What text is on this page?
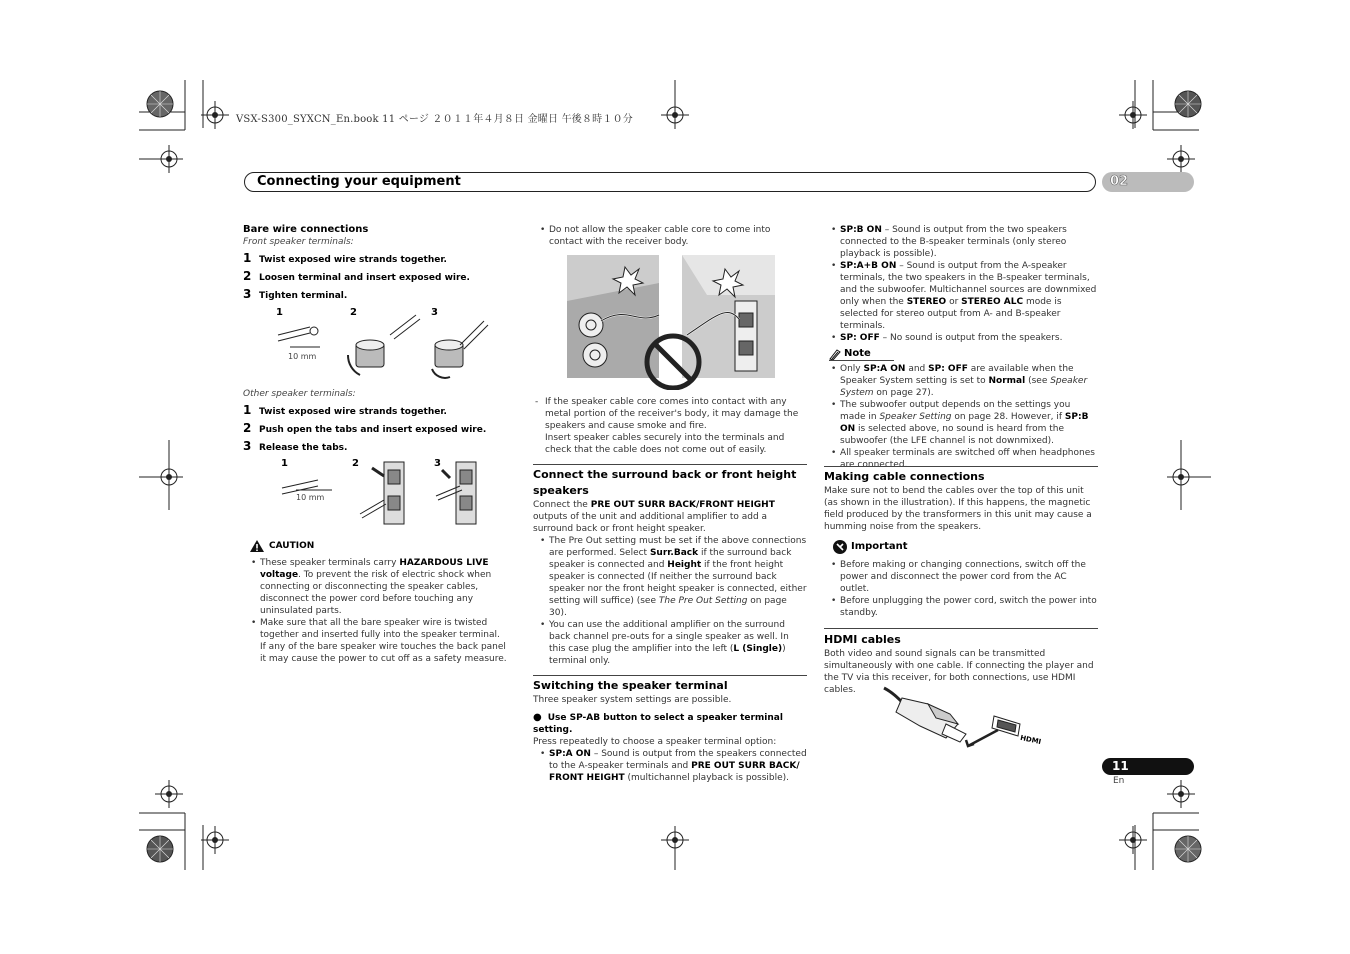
VSX-S300_SYXCN_En.book 11 ページ ２０１１年４月８日 金曜日 午後８時１０分
Connecting your equipment	02
Bare wire connections
Front speaker terminals:
1 Twist exposed wire strands together.
2 Loosen terminal and insert exposed wire.
3 Tighten terminal.
1	2	3
10 mm
Other speaker terminals:
1 Twist exposed wire strands together.
2 Push open the tabs and insert exposed wire.
3 Release the tabs.
1	2	3
10 mm
CAUTION
• These speaker terminals carry HAZARDOUS LIVE voltage. To prevent the risk of electric shock when connecting or disconnecting the speaker cables, disconnect the power cord before touching any uninsulated parts.
• Make sure that all the bare speaker wire is twisted together and inserted fully into the speaker terminal. If any of the bare speaker wire touches the back panel it may cause the power to cut off as a safety measure.
• Do not allow the speaker cable core to come into contact with the receiver body.
- If the speaker cable core comes into contact with any metal portion of the receiver's body, it may damage the speakers and cause smoke and fire.
Insert speaker cables securely into the terminals and check that the cable does not come out of easily.
Connect the surround back or front height speakers
Connect the PRE OUT SURR BACK/FRONT HEIGHT outputs of the unit and additional amplifier to add a surround back or front height speaker.
• The Pre Out setting must be set if the above connections are performed. Select Surr.Back if the surround back speaker is connected and Height if the front height speaker is connected (If neither the surround back speaker nor the front height speaker is connected, either setting will suffice) (see The Pre Out Setting on page 30).
• You can use the additional amplifier on the surround back channel pre-outs for a single speaker as well. In this case plug the amplifier into the left (L (Single)) terminal only.
Switching the speaker terminal
Three speaker system settings are possible.
● Use SP-AB button to select a speaker terminal setting.
Press repeatedly to choose a speaker terminal option:
• SP:A ON – Sound is output from the speakers connected to the A-speaker terminals and PRE OUT SURR BACK/ FRONT HEIGHT (multichannel playback is possible).
• SP:B ON – Sound is output from the two speakers connected to the B-speaker terminals (only stereo playback is possible).
• SP:A+B ON – Sound is output from the A-speaker terminals, the two speakers in the B-speaker terminals, and the subwoofer. Multichannel sources are downmixed only when the STEREO or STEREO ALC mode is selected for stereo output from A- and B-speaker terminals.
• SP: OFF – No sound is output from the speakers.
Note
• Only SP:A ON and SP: OFF are available when the Speaker System setting is set to Normal (see Speaker System on page 27).
• The subwoofer output depends on the settings you made in Speaker Setting on page 28. However, if SP:B ON is selected above, no sound is heard from the subwoofer (the LFE channel is not downmixed).
• All speaker terminals are switched off when headphones are connected.
Making cable connections
Make sure not to bend the cables over the top of this unit (as shown in the illustration). If this happens, the magnetic field produced by the transformers in this unit may cause a humming noise from the speakers.
Important
• Before making or changing connections, switch off the power and disconnect the power cord from the AC outlet.
• Before unplugging the power cord, switch the power into standby.
HDMI cables
Both video and sound signals can be transmitted simultaneously with one cable. If connecting the player and the TV via this receiver, for both connections, use HDMI cables.
HDMI
11
En
